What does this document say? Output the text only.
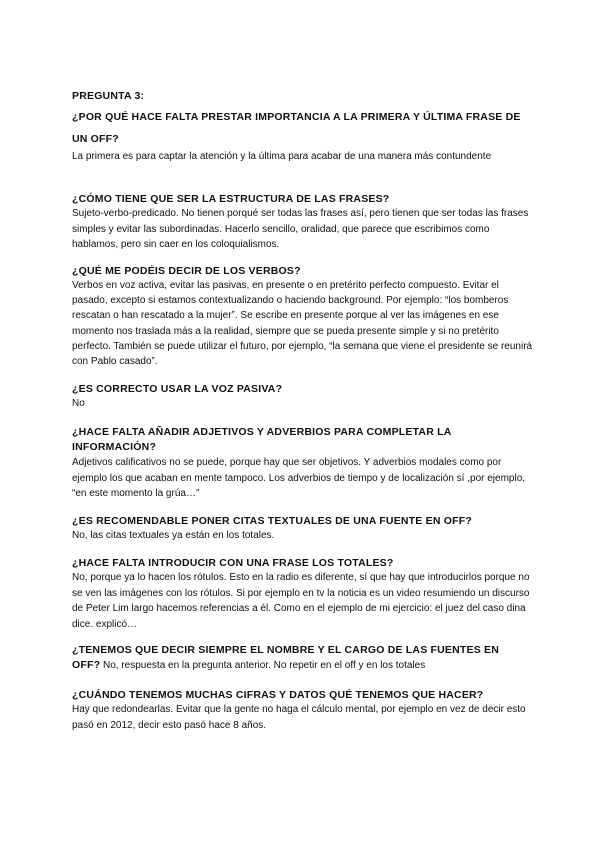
PREGUNTA 3:

¿POR QUÉ HACE FALTA PRESTAR IMPORTANCIA A LA PRIMERA Y ÚLTIMA FRASE DE UN OFF?

La primera es para captar la atención y la última para acabar de una manera más contundente

¿CÓMO TIENE QUE SER LA ESTRUCTURA DE LAS FRASES?

Sujeto-verbo-predicado. No tienen porqué ser todas las frases así, pero tienen que ser todas las frases simples y evitar las subordinadas. Hacerlo sencillo, oralidad, que parece que escribimos como hablamos, pero sin caer en los coloquialismos.

¿QUÉ ME PODÉIS DECIR DE LOS VERBOS?

Verbos en voz activa, evitar las pasivas, en presente o en pretérito perfecto compuesto. Evitar el pasado, excepto si estamos contextualizando o haciendo background. Por ejemplo: “los bomberos rescatan o han rescatado a la mujer”. Se escribe en presente porque al ver las imágenes en ese momento nos traslada más a la realidad, siempre que se pueda presente simple y si no pretérito perfecto. También se puede utilizar el futuro, por ejemplo, “la semana que viene el presidente se reunirá con Pablo casado”.

¿ES CORRECTO USAR LA VOZ PASIVA?

No

¿HACE FALTA AÑADIR ADJETIVOS Y ADVERBIOS PARA COMPLETAR LA INFORMACIÓN?

Adjetivos calificativos no se puede, porque hay que ser objetivos. Y adverbios modales como por ejemplo los que acaban en mente tampoco. Los adverbios de tiempo y de localización sí ,por ejemplo, “en este momento la grúa…”

¿ES RECOMENDABLE PONER CITAS TEXTUALES DE UNA FUENTE EN OFF?

No, las citas textuales ya están en los totales.

¿HACE FALTA INTRODUCIR CON UNA FRASE LOS TOTALES?

No, porque ya lo hacen los rótulos. Esto en la radio es diferente, sí que hay que introducirlos porque no se ven las imágenes con los rótulos. Si por ejemplo en tv la noticia es un video resumiendo un discurso de Peter Lim largo hacemos referencias a él. Como en el ejemplo de mi ejercicio: el juez del caso dina dice. explicó…

¿TENEMOS QUE DECIR SIEMPRE EL NOMBRE Y EL CARGO DE LAS FUENTES EN OFF? No, respuesta en la pregunta anterior. No repetir en el off y en los totales

¿CUÁNDO TENEMOS MUCHAS CIFRAS Y DATOS QUÉ TENEMOS QUE HACER?

Hay que redondearlas. Evitar que la gente no haga el cálculo mental, por ejemplo en vez de decir esto pasó en 2012, decir esto pasó hace 8 años.
